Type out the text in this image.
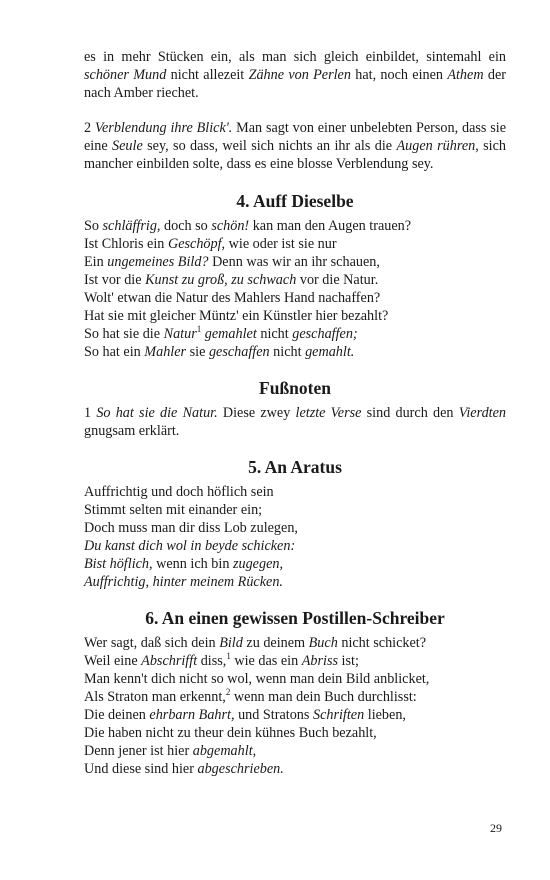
es in mehr Stücken ein, als man sich gleich einbildet, sintemahl ein schöner Mund nicht allezeit Zähne von Perlen hat, noch einen Athem der nach Amber riechet.

2 Verblendung ihre Blick'. Man sagt von einer unbelebten Person, dass sie eine Seule sey, so dass, weil sich nichts an ihr als die Augen rühren, sich mancher einbilden solte, dass es eine blosse Verblendung sey.

4. Auff Dieselbe
So schläffrig, doch so schön! kan man den Augen trauen?
Ist Chloris ein Geschöpf, wie oder ist sie nur
Ein ungemeines Bild? Denn was wir an ihr schauen,
Ist vor die Kunst zu groß, zu schwach vor die Natur.
Wolt' etwan die Natur des Mahlers Hand nachaffen?
Hat sie mit gleicher Müntz' ein Künstler hier bezahlt?
So hat sie die Natur$^1$ gemahlet nicht geschaffen;
So hat ein Mahler sie geschaffen nicht gemahlt.
Fußnoten

1 So hat sie die Natur. Diese zwey letzte Verse sind durch den Vierdten gnugsam erklärt.

5. An Aratus
Auffrichtig und doch höflich sein
Stimmt selten mit einander ein;
Doch muss man dir diss Lob zulegen,
Du kanst dich wol in beyde schicken:
Bist höflich, wenn ich bin zugegen,
Auffrichtig, hinter meinem Rücken.
6. An einen gewissen Postillen-Schreiber
Wer sagt, daß sich dein Bild zu deinem Buch nicht schicket?
Weil eine Abschrifft diss,$^1$ wie das ein Abriss ist;
Man kenn't dich nicht so wol, wenn man dein Bild anblicket,
Als Straton man erkennt,$^2$ wenn man dein Buch durchlisst:
Die deinen ehrbarn Bahrt, und Stratons Schriften lieben,
Die haben nicht zu theur dein kühnes Buch bezahlt,
Denn jener ist hier abgemahlt,
Und diese sind hier abgeschrieben.
29
